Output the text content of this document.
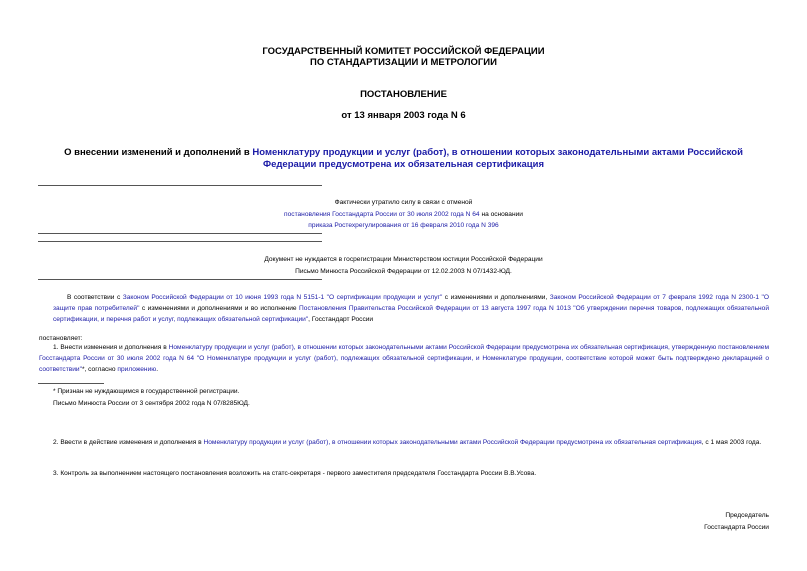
ГОСУДАРСТВЕННЫЙ КОМИТЕТ РОССИЙСКОЙ ФЕДЕРАЦИИ
ПО СТАНДАРТИЗАЦИИ И МЕТРОЛОГИИ
ПОСТАНОВЛЕНИЕ
от 13 января 2003 года N 6
О внесении изменений и дополнений в Номенклатуру продукции и услуг (работ), в отношении которых законодательными актами Российской Федерации предусмотрена их обязательная сертификация
Фактически утратило силу в связи с отменой
постановления Госстандарта России от 30 июля 2002 года N 64 на основании
приказа Ростехрегулирования от 16 февраля 2010 года N 396
Документ не нуждается в госрегистрации Министерством юстиции Российской Федерации
Письмо Минюста Российской Федерации от 12.02.2003 N 07/1432-ЮД.
В соответствии с Законом Российской Федерации от 10 июня 1993 года N 5151-1 "О сертификации продукции и услуг" с изменениями и дополнениями, Законом Российской Федерации от 7 февраля 1992 года N 2300-1 "О защите прав потребителей" с изменениями и дополнениями и во исполнение Постановления Правительства Российской Федерации от 13 августа 1997 года N 1013 "Об утверждении перечня товаров, подлежащих обязательной сертификации, и перечня работ и услуг, подлежащих обязательной сертификации", Госстандарт России
постановляет:
1. Внести изменения и дополнения в Номенклатуру продукции и услуг (работ), в отношении которых законодательными актами Российской Федерации предусмотрена их обязательная сертификация, утвержденную постановлением Госстандарта России от 30 июля 2002 года N 64 "О Номенклатуре продукции и услуг (работ), подлежащих обязательной сертификации, и Номенклатуре продукции, соответствие которой может быть подтверждено декларацией о соответствии"*, согласно приложению.
* Признан не нуждающимся в государственной регистрации.
Письмо Минюста России от 3 сентября 2002 года N 07/8285ЮД.
2. Ввести в действие изменения и дополнения в Номенклатуру продукции и услуг (работ), в отношении которых законодательными актами Российской Федерации предусмотрена их обязательная сертификация, с 1 мая 2003 года.
3. Контроль за выполнением настоящего постановления возложить на статс-секретаря - первого заместителя председателя Госстандарта России В.В.Усова.
Председатель
Госстандарта России
